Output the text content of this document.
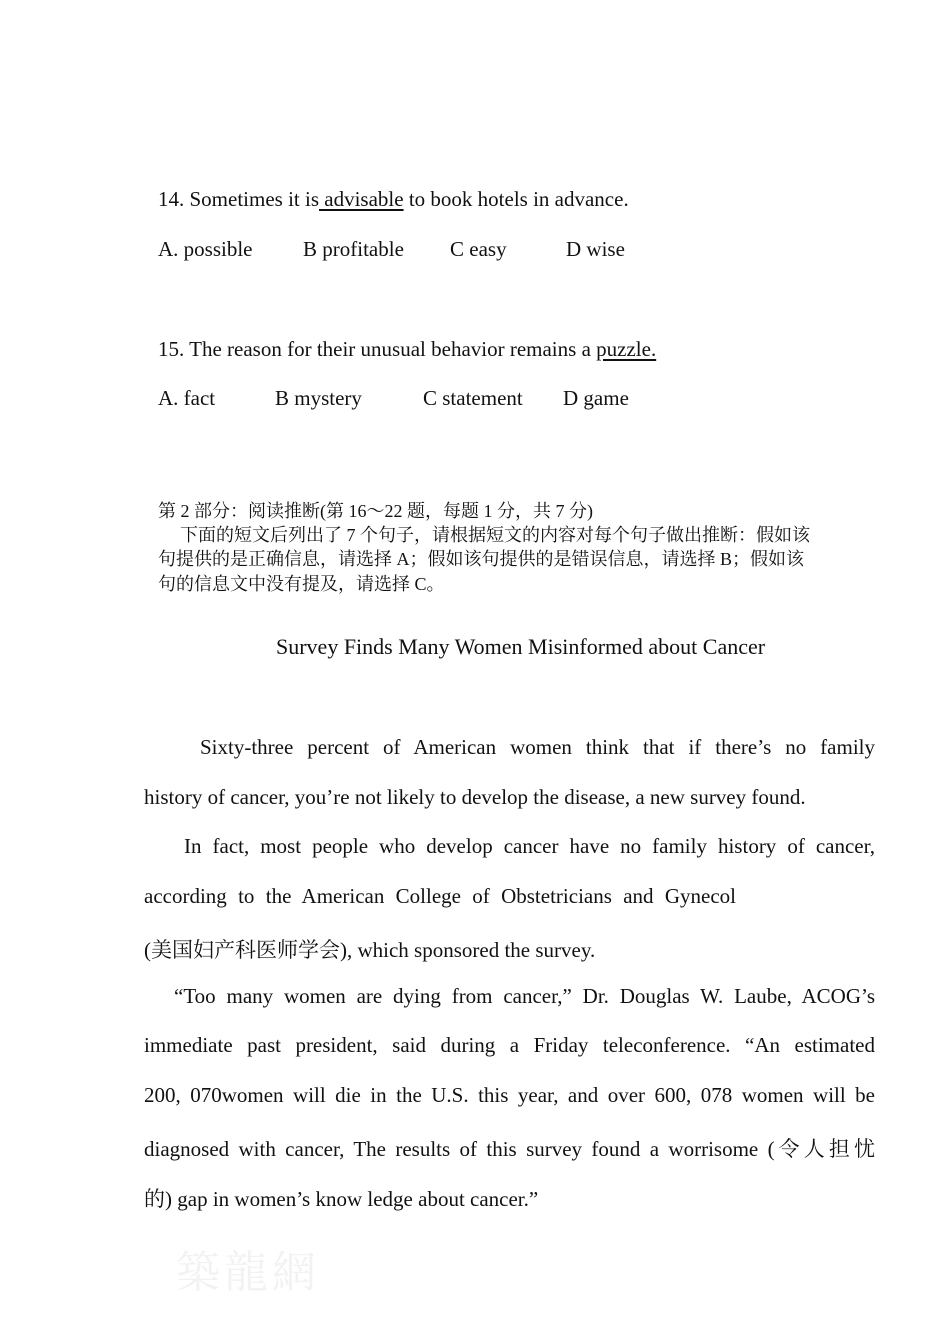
14. Sometimes it is advisable to book hotels in advance.
A. possible B profitable C easy	D wise
15. The reason for their unusual behavior remains a puzzle.
A. fact	B mystery	C statement D game
第 2 部分：阅读推断(第 16～22 题，每题 1 分，共 7 分)
下面的短文后列出了 7 个句子，请根据短文的内容对每个句子做出推断：假如该
句提供的是正确信息，请选择 A；假如该句提供的是错误信息，请选择 B；假如该
句的信息文中没有提及，请选择 C。
Survey Finds Many Women Misinformed about Cancer
Sixty-three percent of American women think that if there’s no family
history of cancer, you’re not likely to develop the disease, a new survey found.
In fact, most people who develop cancer have no family history of cancer,
according to the American College of Obstetricians and Gynecol
(美国妇产科医师学会), which sponsored the survey.
“Too many women are dying from cancer,” Dr. Douglas W. Laube, ACOG’s
immediate past president, said during a Friday teleconference. “An estimated
200, 070women will die in the U.S. this year, and over 600, 078 women will be
diagnosed with cancer, The results of this survey found a worrisome (令人担忧
的) gap in women’s know ledge about cancer.”
築龍網
